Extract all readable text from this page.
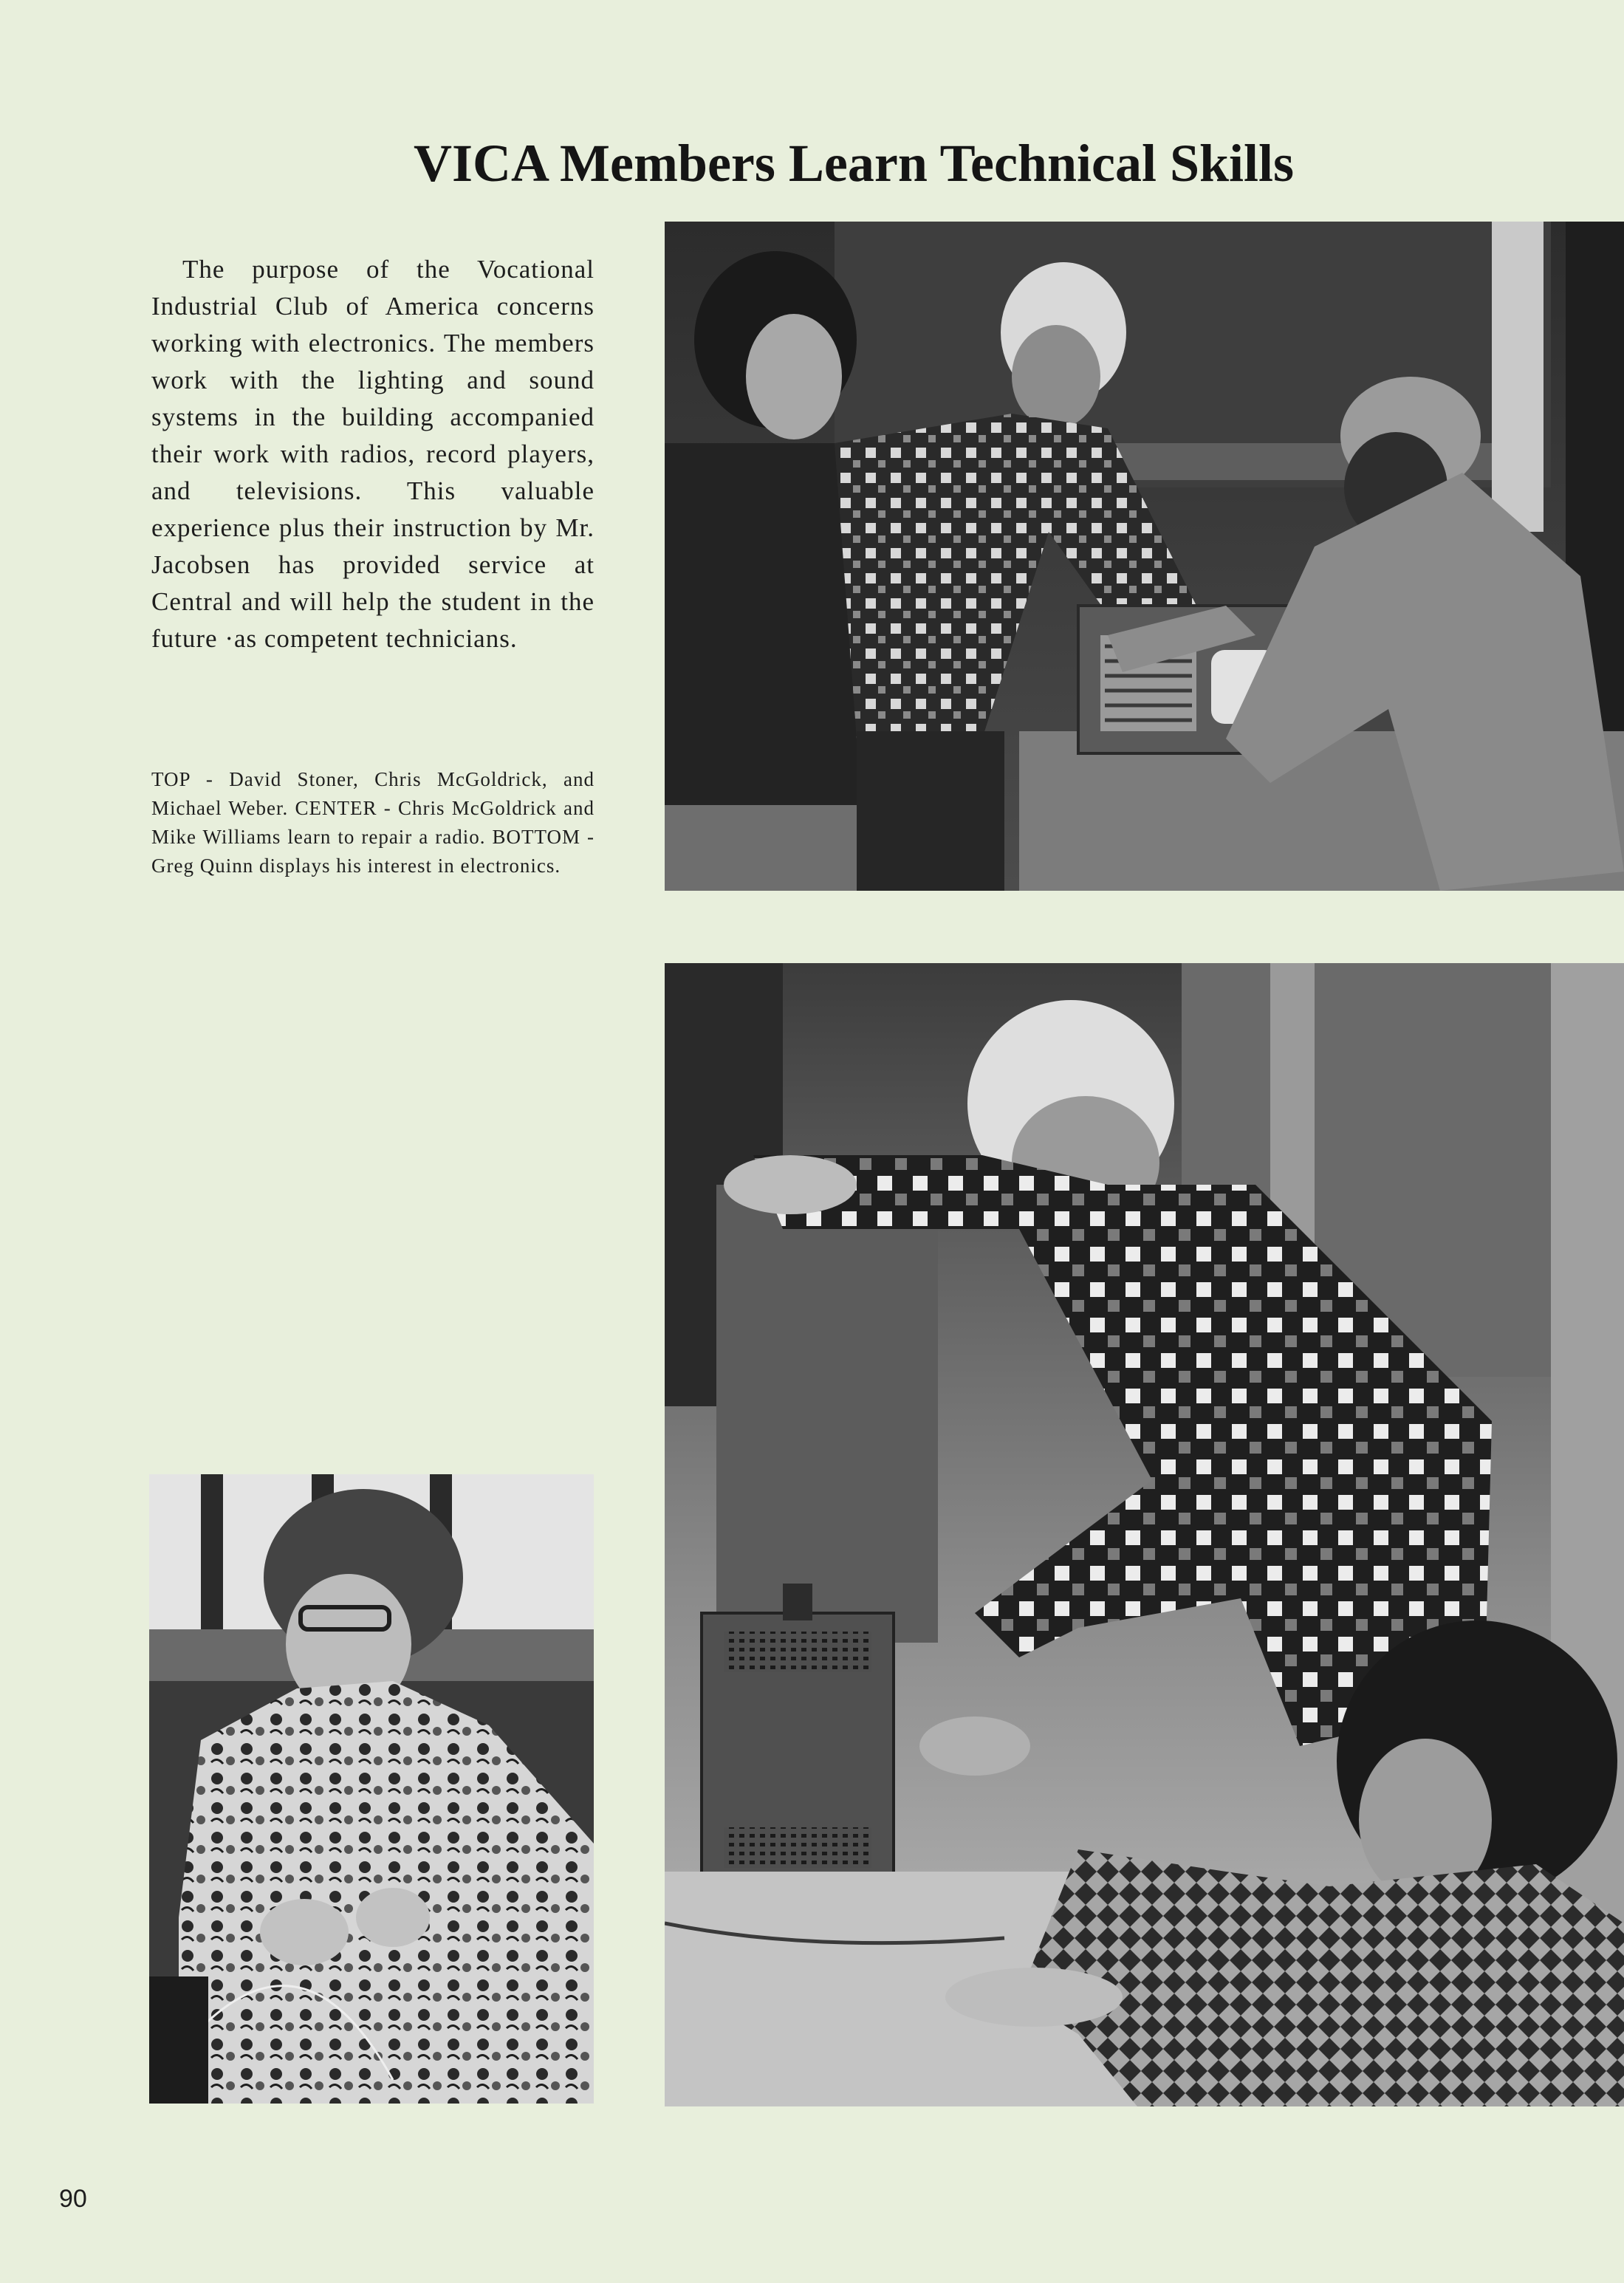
VICA Members Learn Technical Skills
The purpose of the Vocational Industrial Club of America concerns working with electronics. The members work with the lighting and sound systems in the building accompanied their work with radios, record players, and televisions. This valuable experience plus their instruction by Mr. Jacobsen has provided service at Central and will help the student in the future ·as competent technicians.
TOP - David Stoner, Chris McGoldrick, and Michael Weber. CENTER - Chris McGoldrick and Mike Williams learn to repair a radio. BOTTOM - Greg Quinn displays his interest in electronics.
90
